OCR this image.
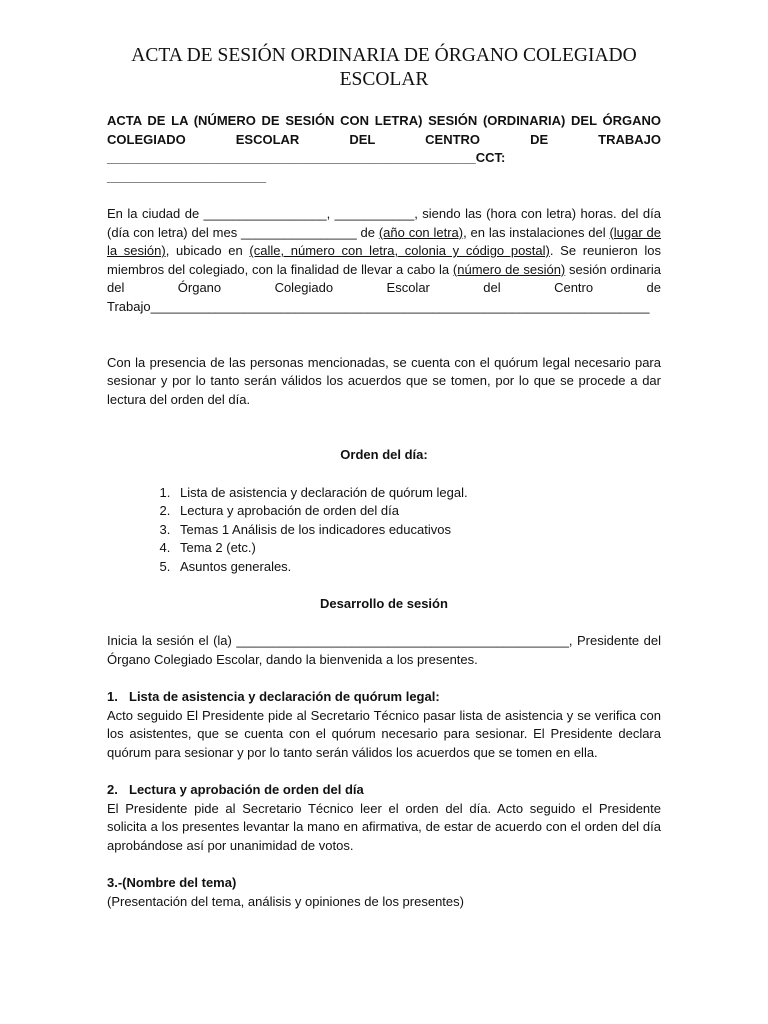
ACTA DE SESIÓN ORDINARIA DE ÓRGANO COLEGIADO
ESCOLAR

ACTA DE LA (NÚMERO DE SESIÓN CON LETRA) SESIÓN (ORDINARIA) DEL ÓRGANO

COLEGIADO ESCOLAR DEL CENTRO DE TRABAJO

___________________________________________________CCT: ______________________

En la ciudad de _________________, ___________, siendo las (hora con letra) horas. del día (día con letra) del mes ________________ de (año con letra), en las instalaciones del (lugar de la sesión), ubicado en (calle, número con letra, colonia y código postal). Se reunieron los miembros del colegiado, con la finalidad de llevar a cabo la (número de sesión) sesión ordinaria del Órgano Colegiado Escolar del Centro de Trabajo_____________________________________________________________________

Con la presencia de las personas mencionadas, se cuenta con el quórum legal necesario para sesionar y por lo tanto serán válidos los acuerdos que se tomen, por lo que se procede a dar lectura del orden del día.

Orden del día:

1. Lista de asistencia y declaración de quórum legal.
2. Lectura y aprobación de orden del día
3. Temas 1 Análisis de los indicadores educativos
4. Tema 2 (etc.)
5. Asuntos generales.

Desarrollo de sesión

Inicia la sesión el (la) ______________________________________________, Presidente del Órgano Colegiado Escolar, dando la bienvenida a los presentes.

1. Lista de asistencia y declaración de quórum legal:

Acto seguido El Presidente pide al Secretario Técnico pasar lista de asistencia y se verifica con los asistentes, que se cuenta con el quórum necesario para sesionar. El Presidente declara quórum para sesionar y por lo tanto serán válidos los acuerdos que se tomen en ella.

2. Lectura y aprobación de orden del día

El Presidente pide al Secretario Técnico leer el orden del día. Acto seguido el Presidente solicita a los presentes levantar la mano en afirmativa, de estar de acuerdo con el orden del día aprobándose así por unanimidad de votos.

3.-(Nombre del tema)

(Presentación del tema, análisis y opiniones de los presentes)
